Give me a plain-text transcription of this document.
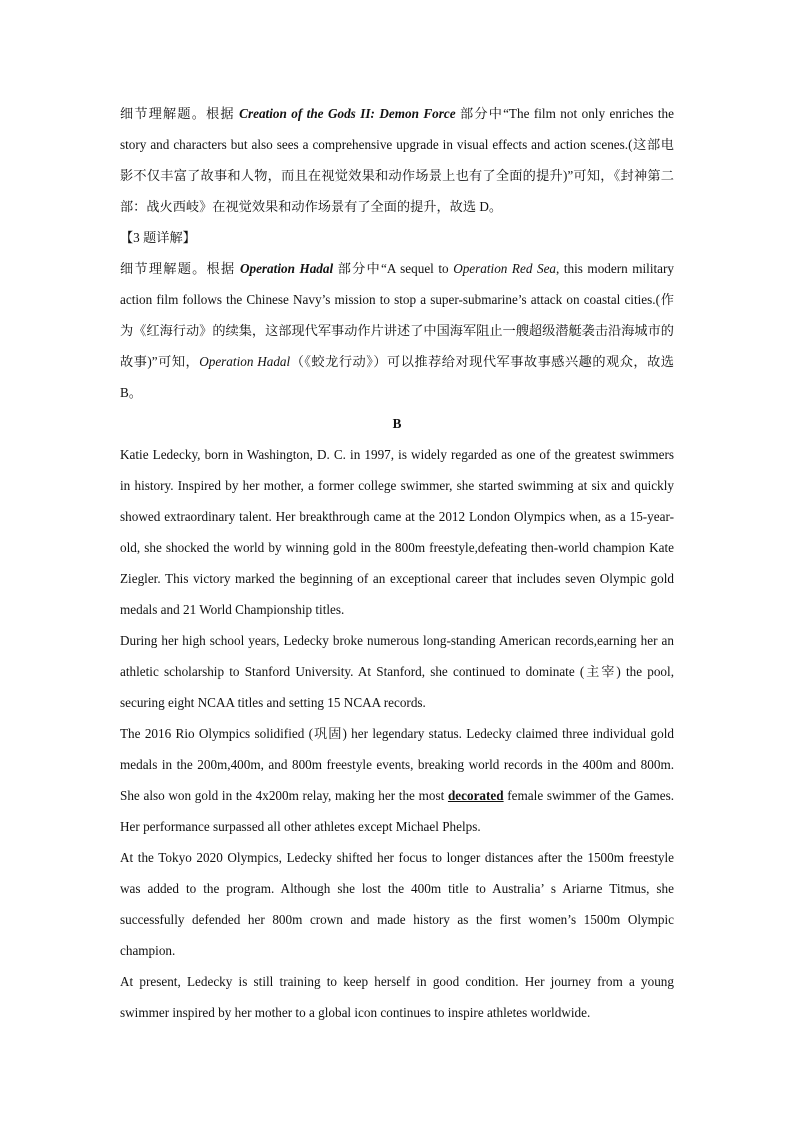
细节理解题。根据 Creation of the Gods II: Demon Force 部分中“The film not only enriches the story and characters but also sees a comprehensive upgrade in visual effects and action scenes.(这部电影不仅丰富了故事和人物，而且在视觉效果和动作场景上也有了全面的提升)”可知，《封神第二部：战火西岐》在视觉效果和动作场景有了全面的提升，故选 D。

【3 题详解】

细节理解题。根据 Operation Hadal 部分中“A sequel to Operation Red Sea, this modern military action film follows the Chinese Navy’s mission to stop a super-submarine’s attack on coastal cities.(作为《红海行动》的续集，这部现代军事动作片讲述了中国海军阻止一艘超级潜艇袭击沿海城市的故事)”可知，Operation Hadal（《蛟龙行动》）可以推荐给对现代军事故事感兴趣的观众，故选 B。

B

Katie Ledecky, born in Washington, D. C. in 1997, is widely regarded as one of the greatest swimmers in history. Inspired by her mother, a former college swimmer, she started swimming at six and quickly showed extraordinary talent. Her breakthrough came at the 2012 London Olympics when, as a 15-year-old, she shocked the world by winning gold in the 800m freestyle,defeating then-world champion Kate Ziegler. This victory marked the beginning of an exceptional career that includes seven Olympic gold medals and 21 World Championship titles.

During her high school years, Ledecky broke numerous long-standing American records,earning her an athletic scholarship to Stanford University. At Stanford, she continued to dominate (主宰) the pool, securing eight NCAA titles and setting 15 NCAA records.

The 2016 Rio Olympics solidified (巩固) her legendary status. Ledecky claimed three individual gold medals in the 200m,400m, and 800m freestyle events, breaking world records in the 400m and 800m. She also won gold in the 4x200m relay, making her the most decorated female swimmer of the Games. Her performance surpassed all other athletes except Michael Phelps.

At the Tokyo 2020 Olympics, Ledecky shifted her focus to longer distances after the 1500m freestyle was added to the program. Although she lost the 400m title to Australia’ s Ariarne Titmus, she successfully defended her 800m crown and made history as the first women’s 1500m Olympic champion.

At present, Ledecky is still training to keep herself in good condition. Her journey from a young swimmer inspired by her mother to a global icon continues to inspire athletes worldwide.
